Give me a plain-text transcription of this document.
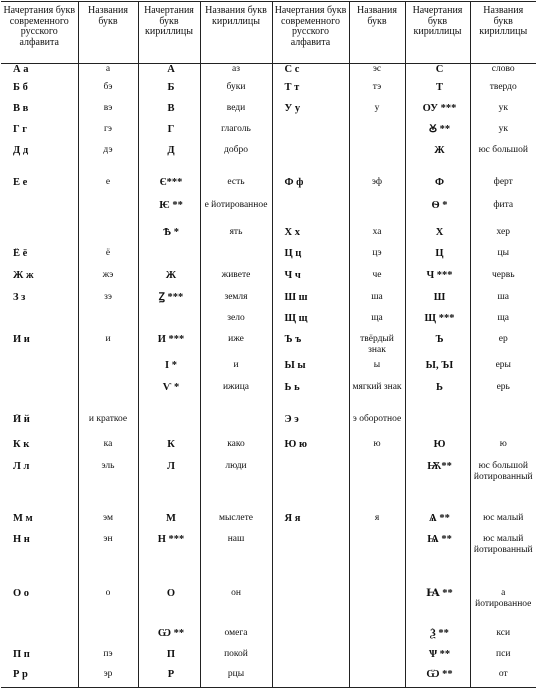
Начертания букв современного русского алфавита	Названия букв	Начертания букв кириллицы	Названия букв кириллицы	Начертания букв современного русского алфавита	Названия букв	Начертания букв кириллицы	Названия букв кириллицы
А а	а	А	аз	С с	эс	С	слово
Б б	бэ	Б	буки	Т т	тэ	Т	твердо
В в	вэ	В	веди	У у	у	ОУ ***	ук
Г г	гэ	Г	глаголь			Ꙋ **	ук
Д д	дэ	Д	добро			Ж	юс большой
Е е	е	Є***	есть	Ф ф	эф	Ф	ферт
		Ѥ **	е йотированное			Ѳ *	фита
		Ѣ *	ять	Х х	ха	Х	хер
Ё ё	ё			Ц ц	цэ	Ц	цы
Ж ж	жэ	Ж	живете	Ч ч	че	Ч ***	червь
З з	зэ	Ꙁ ***	земля	Ш ш	ша	Ш	ша
			зело	Щ щ	ща	Щ ***	ща
И и	и	И ***	иже	Ъ ъ	твёрдый знак	Ъ	ер
		І *	и	Ы ы	ы	Ы, ЪІ	еры
		Ѵ *	ижица	Ь ь	мягкий знак	Ь	ерь
Й й	и краткое			Э э	э оборотное		
К к	ка	К	како	Ю ю	ю	Ю	ю
Л л	эль	Л	люди			Ѭ**	юс большой йотированный
М м	эм	М	мыслете	Я я	я	Ѧ **	юс малый
Н н	эн	Н ***	наш			Ѩ **	юс малый йотированный
О о	о	О	он			Ꙗ **	а йотированное
		Ѡ **	омега			Ѯ **	кси
П п	пэ	П	покой			Ѱ **	пси
Р р	эр	Р	рцы			Ѿ **	от
